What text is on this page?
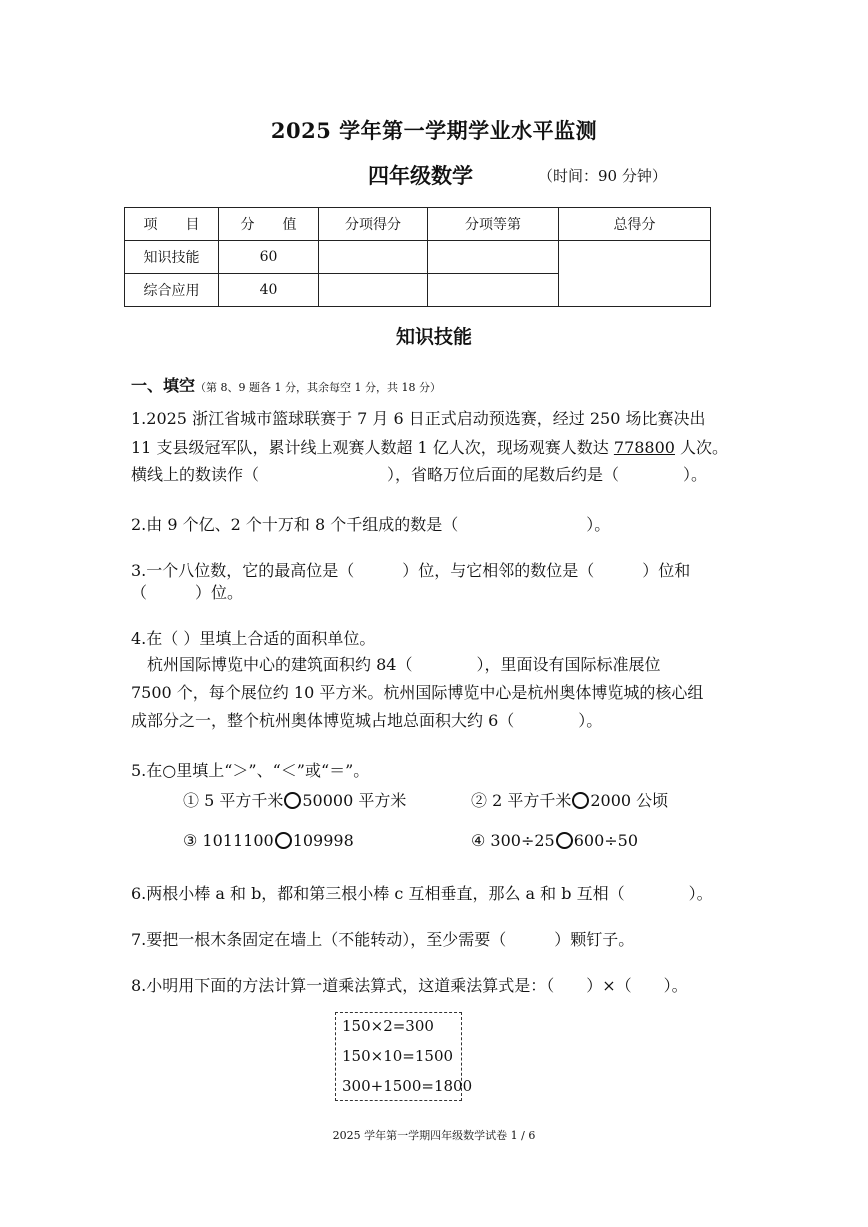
2025 学年第一学期学业水平监测
四年级数学	（时间：90 分钟）
项　　目	分　　值	分项得分	分项等第	总得分
知识技能	60			
综合应用	40			
知识技能
一、填空（第 8、9 题各 1 分，其余每空 1 分，共 18 分）
1.2025 浙江省城市篮球联赛于 7 月 6 日正式启动预选赛，经过 250 场比赛决出
11 支县级冠军队，累计线上观赛人数超 1 亿人次，现场观赛人数达 778800 人次。
横线上的数读作（　　　　　　　　），省略万位后面的尾数后约是（　　　　）。
2.由 9 个亿、2 个十万和 8 个千组成的数是（　　　　　　　　）。
3.一个八位数，它的最高位是（　　　）位，与它相邻的数位是（　　　）位和
（　　　）位。
4.在（ ）里填上合适的面积单位。
　杭州国际博览中心的建筑面积约 84（　　　　），里面设有国际标准展位
7500 个，每个展位约 10 平方米。杭州国际博览中心是杭州奥体博览城的核心组
成部分之一，整个杭州奥体博览城占地总面积大约 6（　　　　）。
5.在○里填上“＞”、“＜”或“＝”。
① 5 平方千米 50000 平方米	② 2 平方千米 2000 公顷
③ 1011100 109998	④ 300÷25 600÷50
6.两根小棒 a 和 b，都和第三根小棒 c 互相垂直，那么 a 和 b 互相（　　　　）。
7.要把一根木条固定在墙上（不能转动），至少需要（　　　）颗钉子。
8.小明用下面的方法计算一道乘法算式，这道乘法算式是：（　　）×（　　）。
150×2=300
150×10=1500
300+1500=1800
2025 学年第一学期四年级数学试卷 1 / 6
